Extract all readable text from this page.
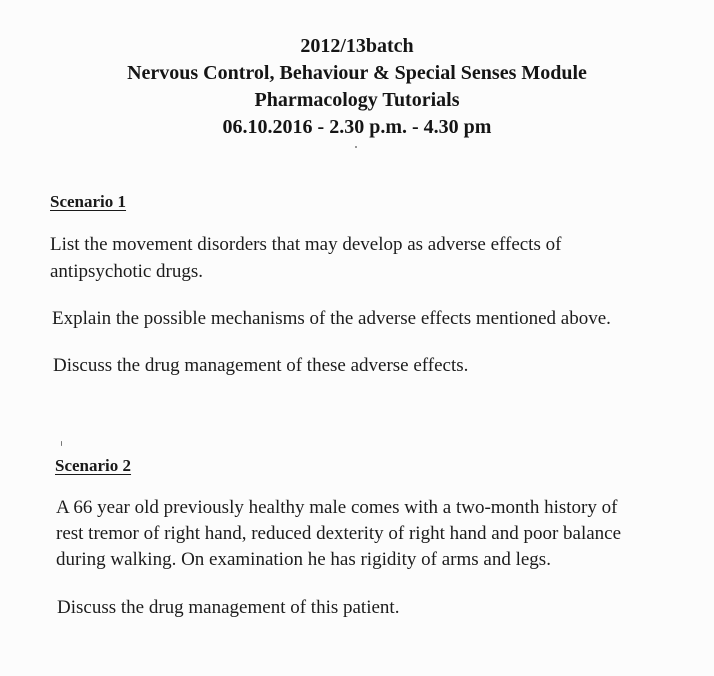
2012/13batch
Nervous Control, Behaviour & Special Senses Module
Pharmacology Tutorials
06.10.2016 - 2.30 p.m. - 4.30 pm
Scenario 1
List the movement disorders that may develop as adverse effects of
antipsychotic drugs.
Explain the possible mechanisms of the adverse effects mentioned above.
Discuss the drug management of these adverse effects.
Scenario 2
A 66 year old previously healthy male comes with a two-month history of
rest tremor of right hand, reduced dexterity of right hand and poor balance
during walking. On examination he has rigidity of arms and legs.
Discuss the drug management of this patient.
